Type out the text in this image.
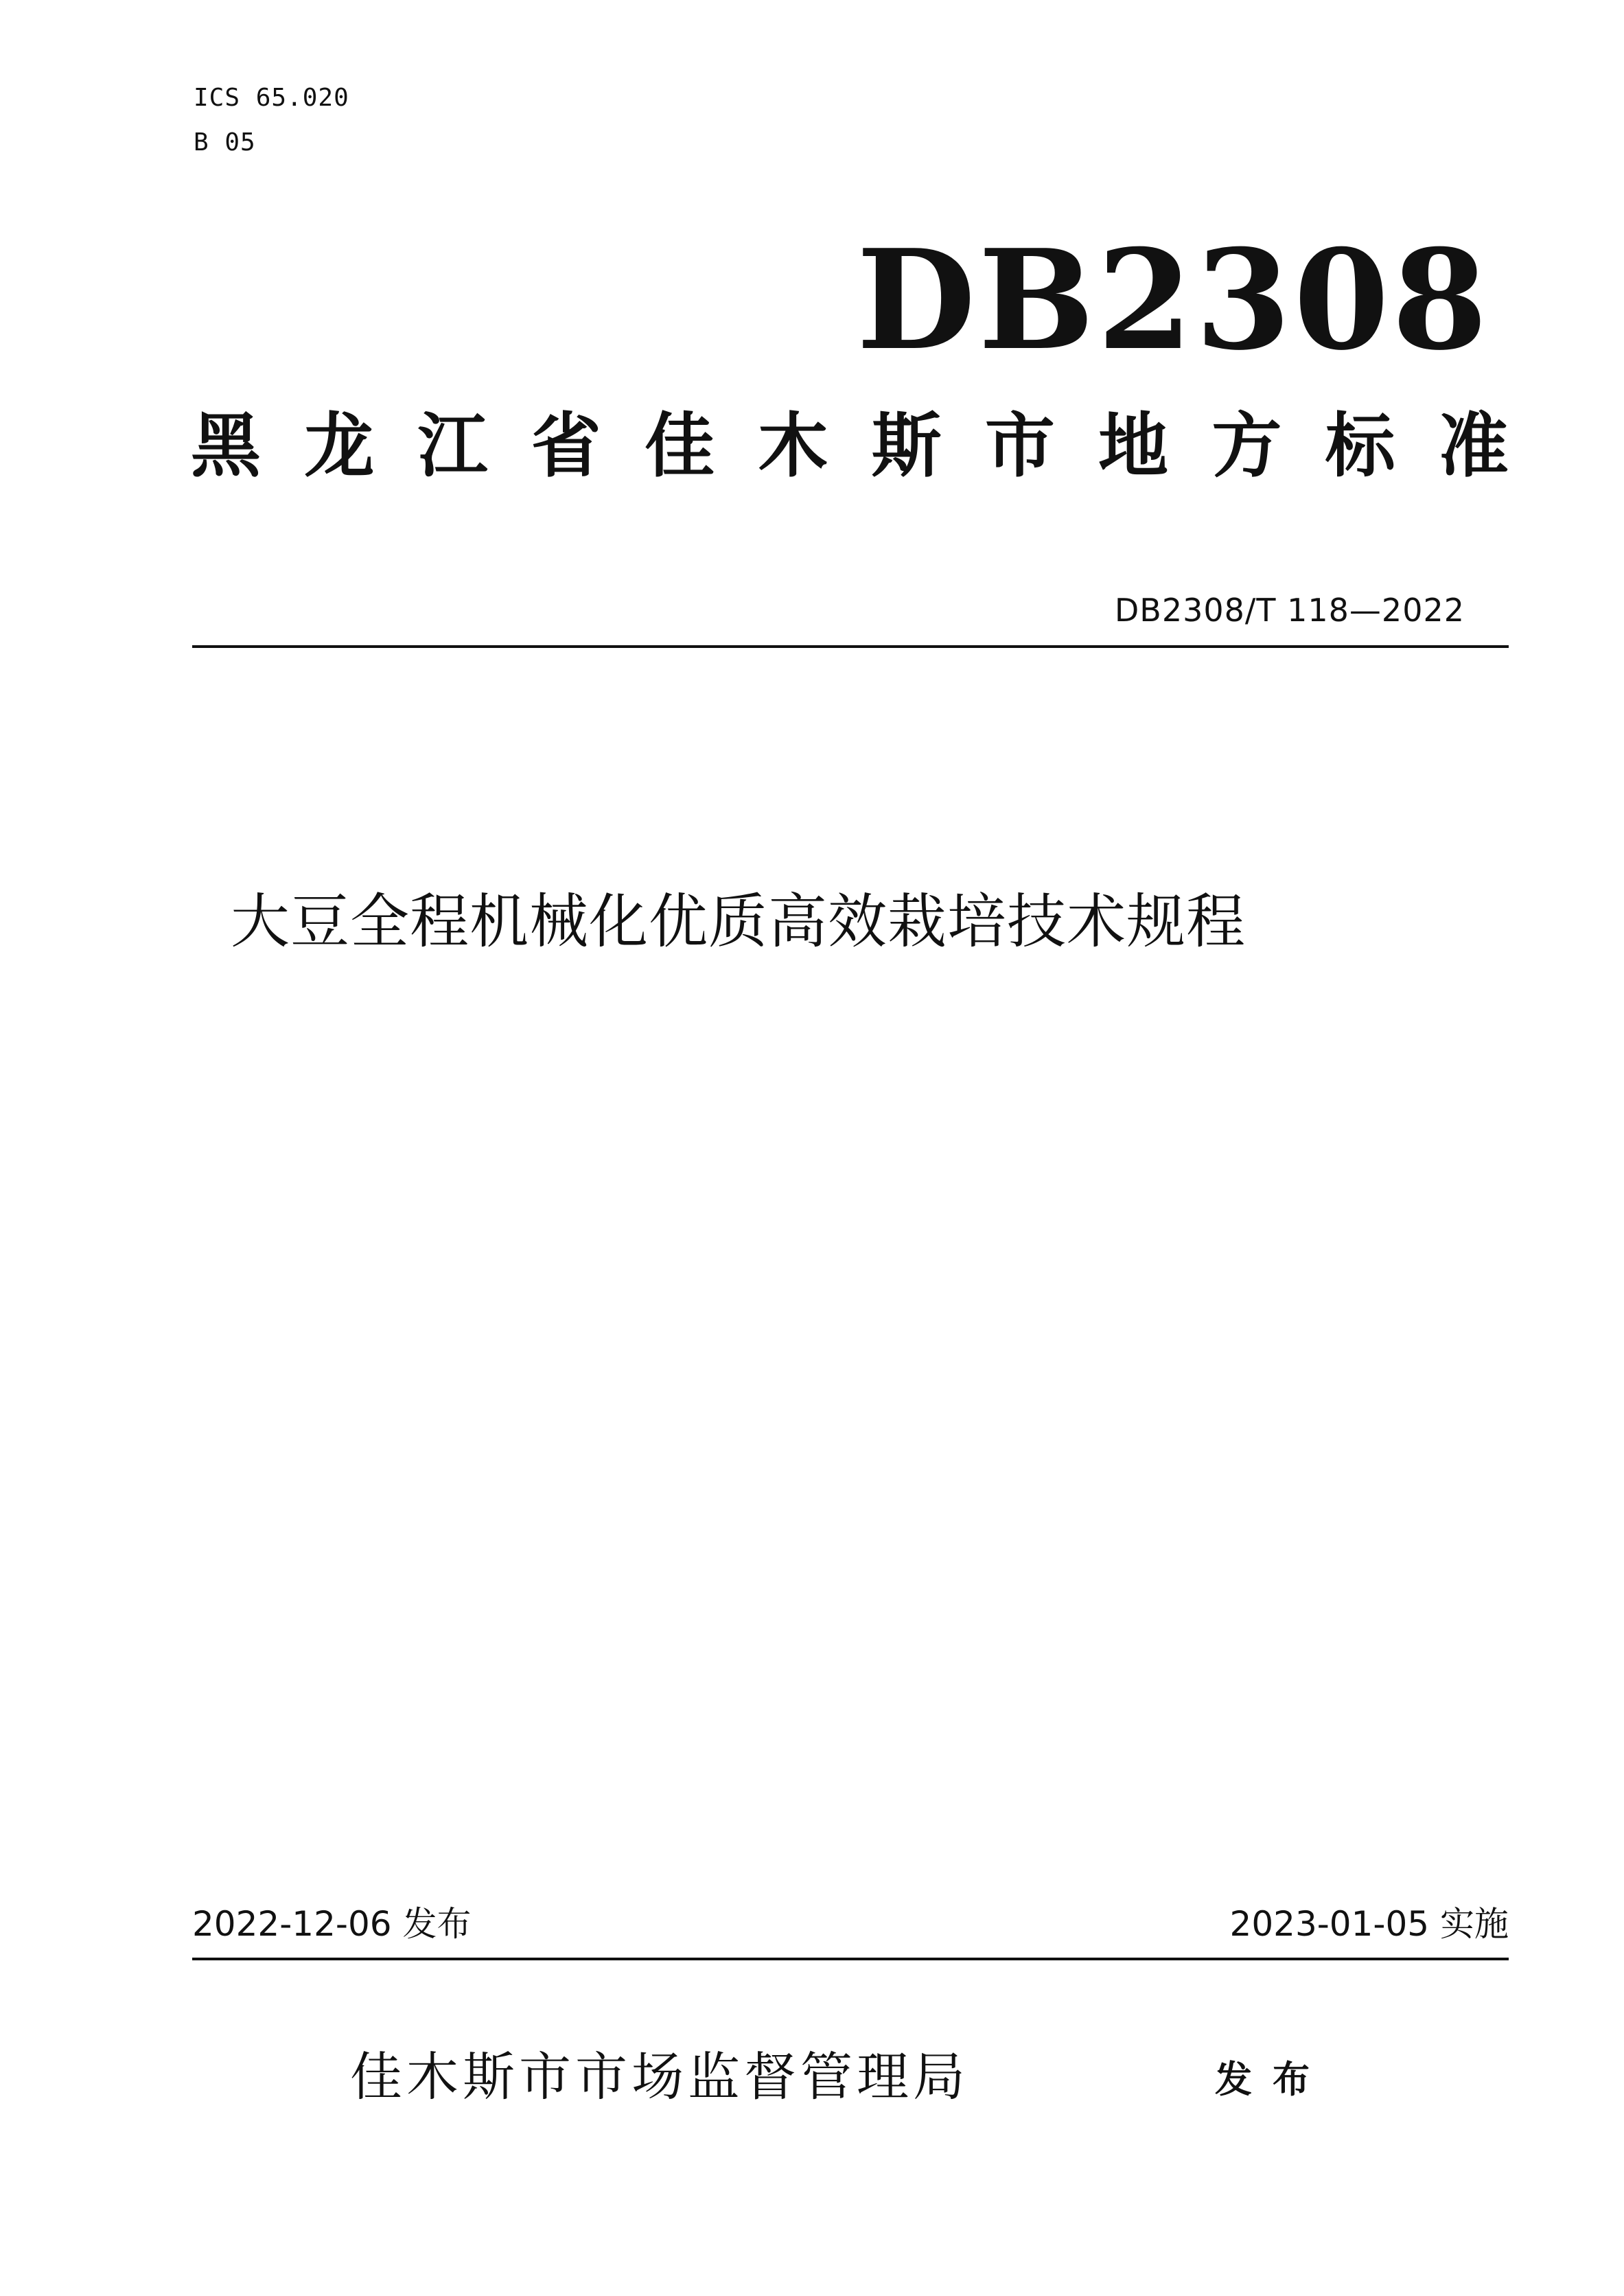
ICS 65.020
B 05
DB2308
黑 龙 江 省 佳 木 斯 市 地 方 标 准
DB2308/T 118—2022
大豆全程机械化优质高效栽培技术规程
2022-12-06 发布	2023-01-05 实施
佳木斯市市场监督管理局	发布
